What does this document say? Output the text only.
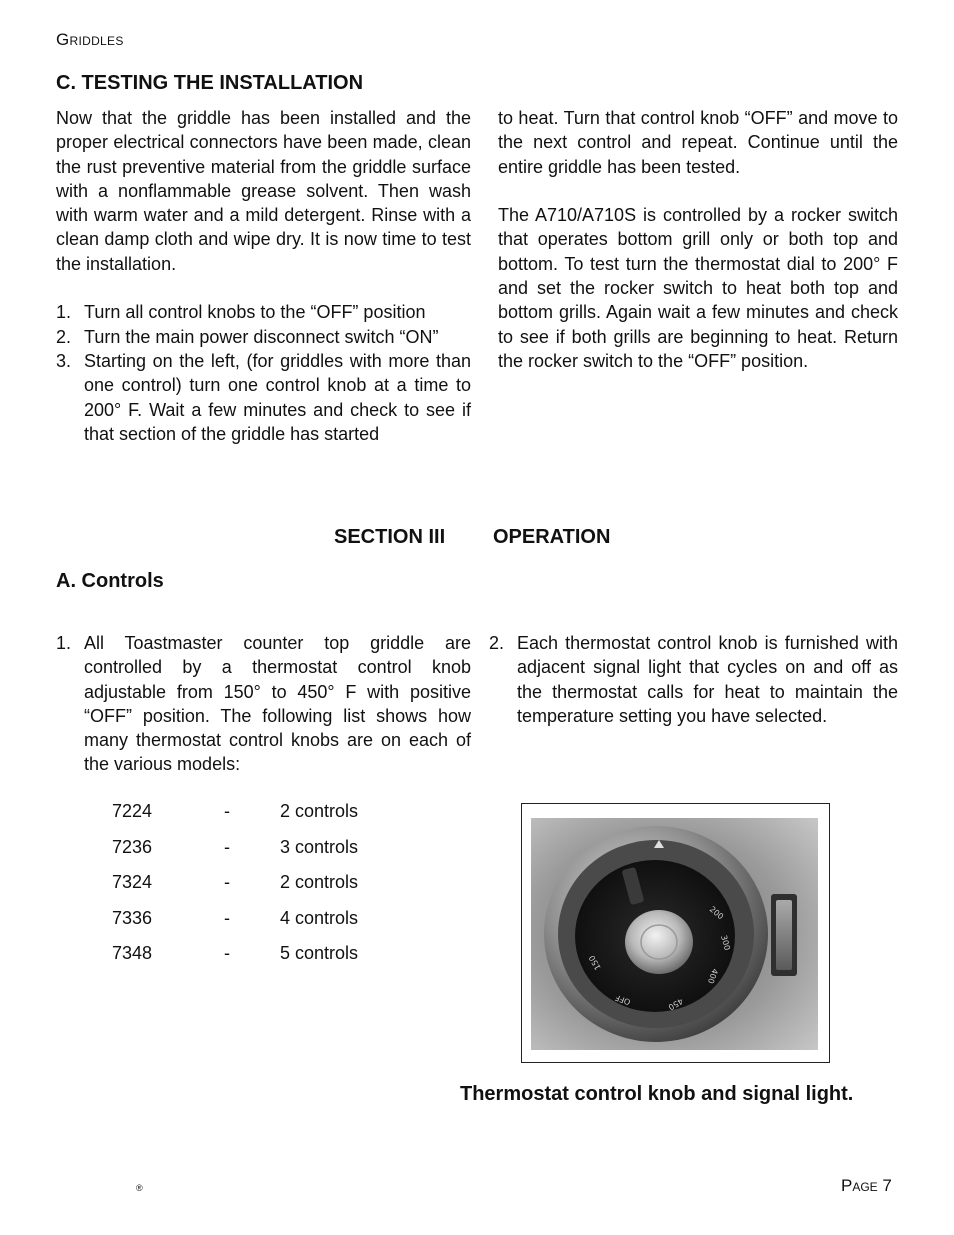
Griddles
C. TESTING THE INSTALLATION

Now that the griddle has been installed and the proper electrical connectors have been made, clean the rust preventive material from the griddle surface with a nonflammable grease solvent. Then wash with warm water and a mild detergent. Rinse with a clean damp cloth and wipe dry. It is now time to test the installation.

1. Turn all control knobs to the “OFF” position
2. Turn the main power disconnect switch “ON”
3. Starting on the left, (for griddles with more than one control) turn one control knob at a time to 200° F. Wait a few minutes and check to see if that section of the griddle has started

to heat. Turn that control knob “OFF” and move to the next control and repeat. Continue until the entire griddle has been tested.

The A710/A710S is controlled by a rocker switch that operates bottom grill only or both top and bottom. To test turn the thermostat dial to 200° F and set the rocker switch to heat both top and bottom grills. Again wait a few minutes and check to see if both grills are beginning to heat. Return the rocker switch to the “OFF” position.

SECTION III OPERATION
A. Controls
1. All Toastmaster counter top griddle are controlled by a thermostat control knob adjustable from 150° to 450° F with positive “OFF” position. The following list shows how many thermostat control knobs are on each of the various models:
2. Each thermostat control knob is furnished with adjacent signal light that cycles on and off as the thermostat calls for heat to maintain the temperature setting you have selected.
7224	-	2 controls
7236	-	3 controls
7324	-	2 controls
7336	-	4 controls
7348	-	5 controls
200
300
400
450
OFF
150
Thermostat control knob and signal light.
®	Page 7
